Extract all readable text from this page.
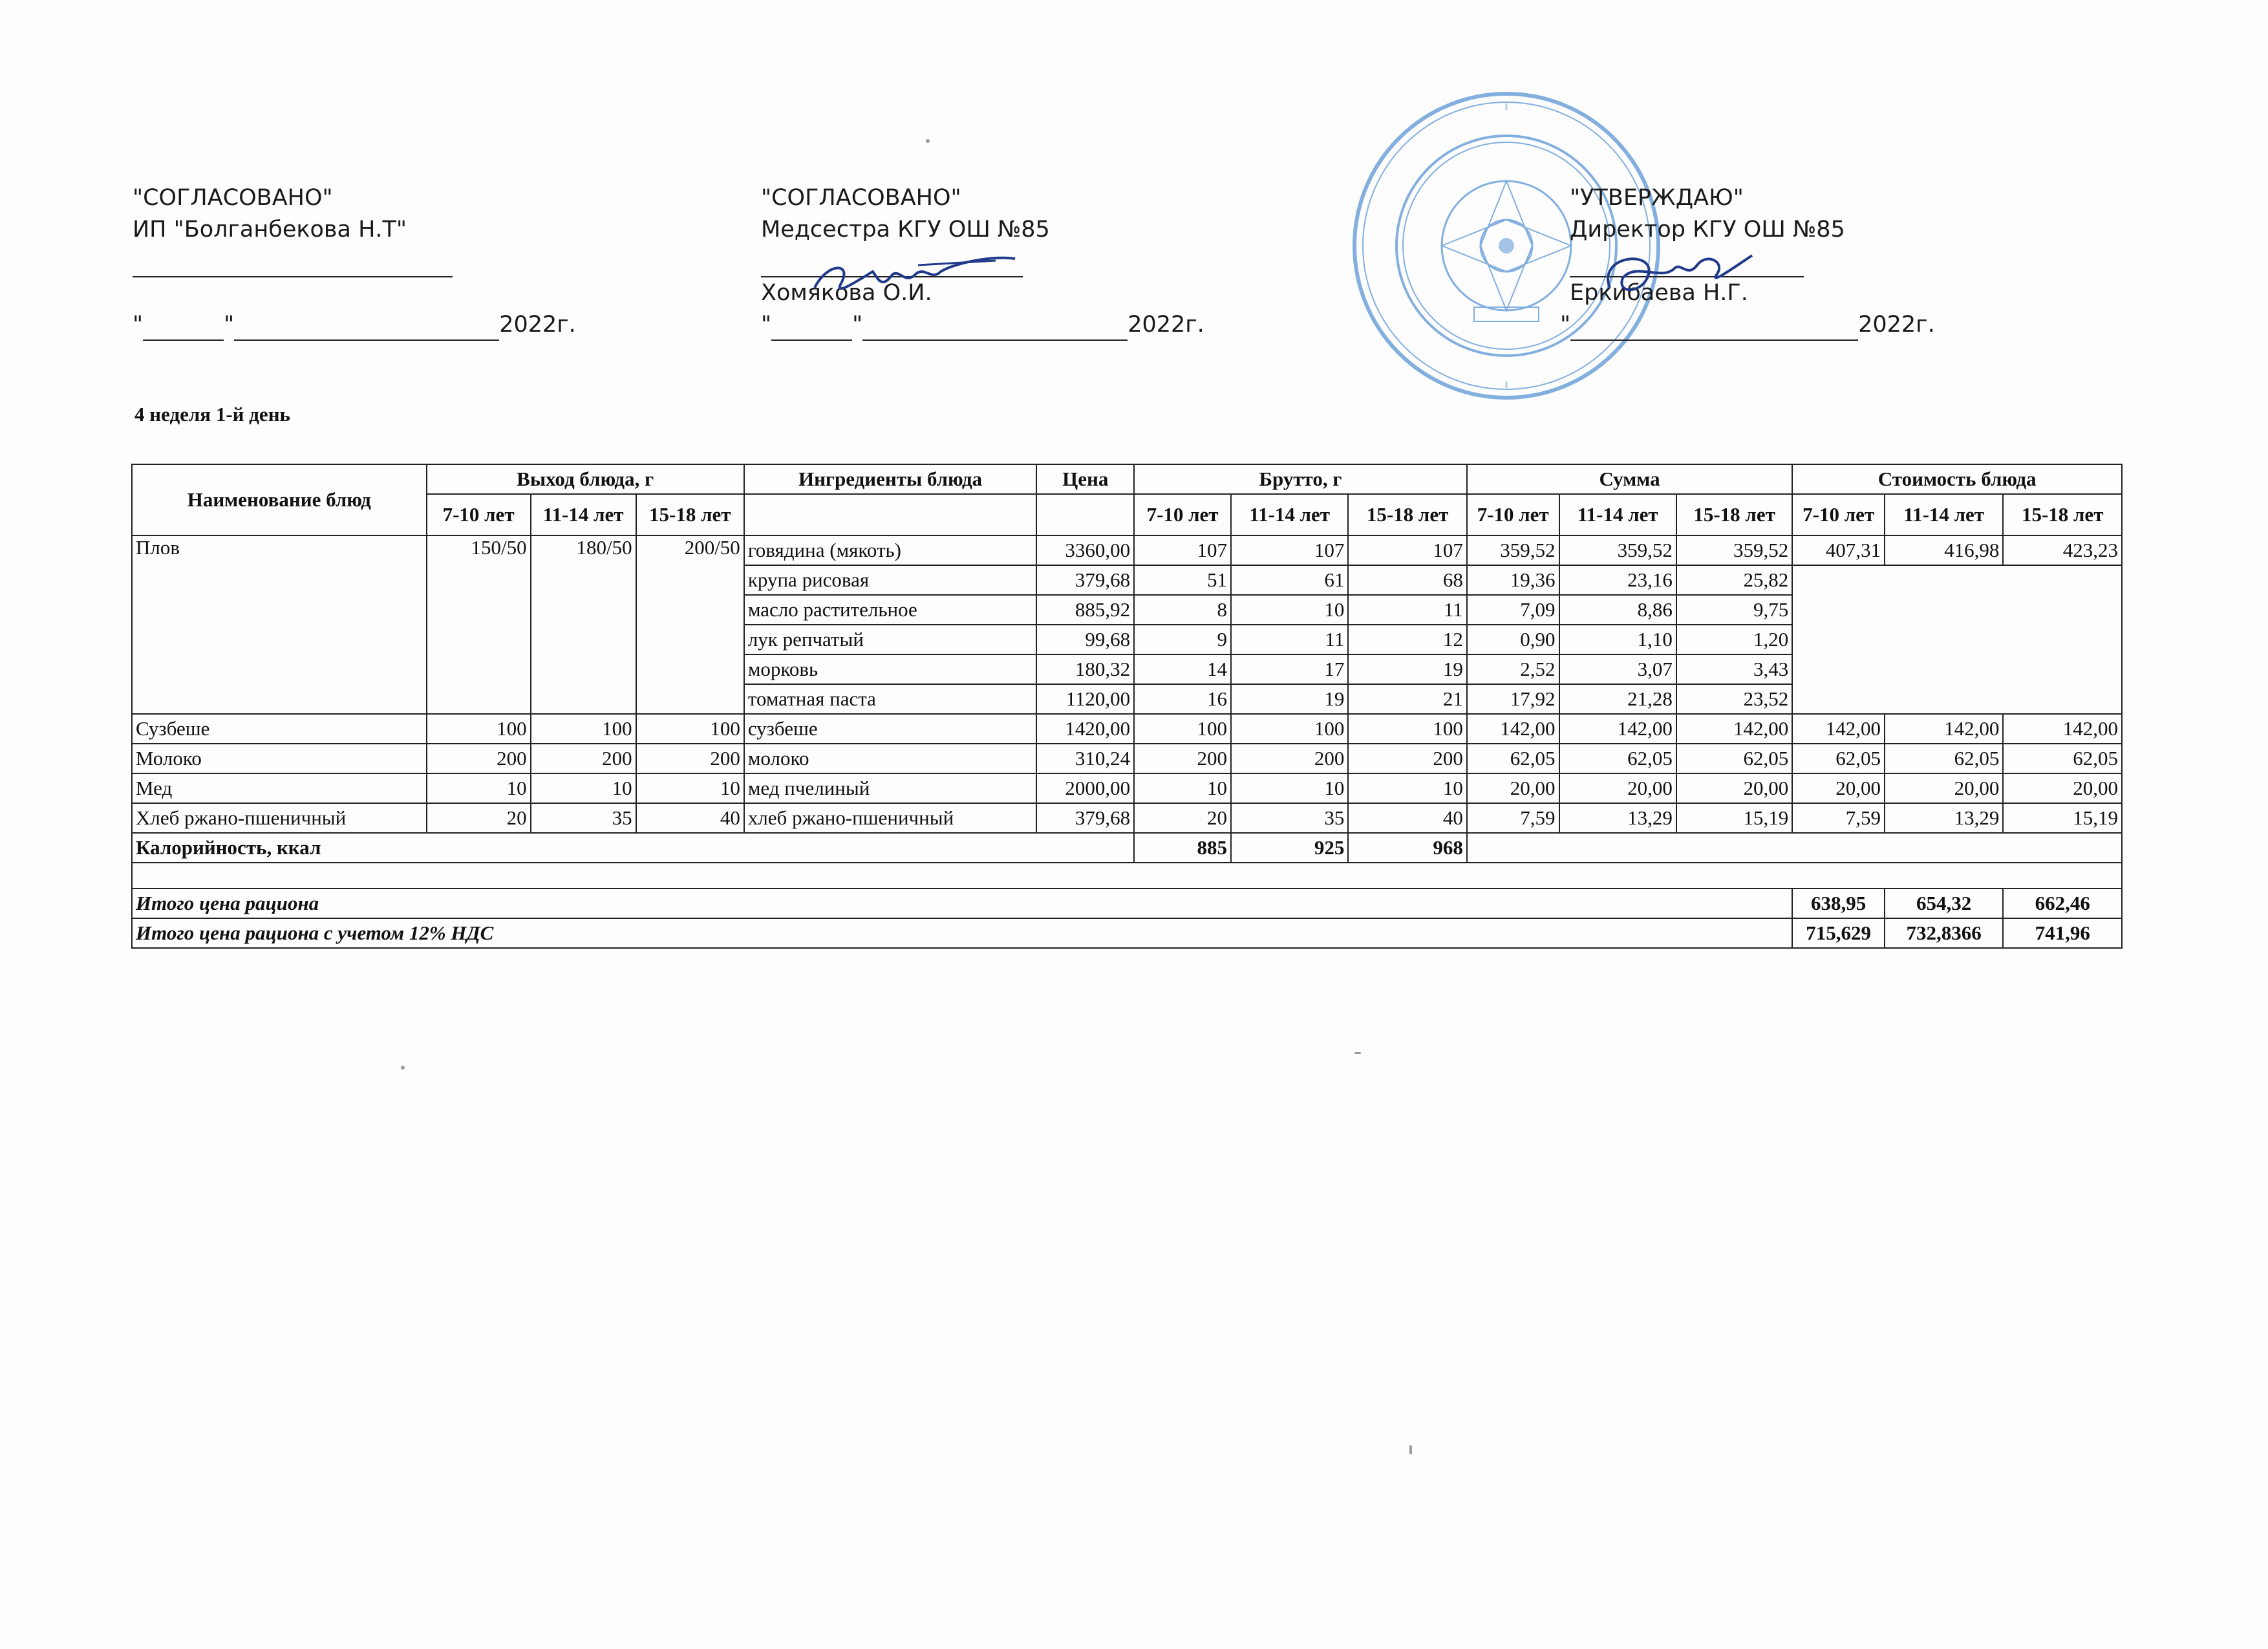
"СОГЛАСОВАНО"
ИП "Болганбекова Н.Т"
"	"	2022г.
"СОГЛАСОВАНО"
Медсестра КГУ ОШ №85
Хомякова О.И.
"	"	2022г.
"УТВЕРЖДАЮ"
Директор КГУ ОШ №85
Еркибаева Н.Г.
"	2022г.
4 неделя 1-й день
Наименование блюд	Выход блюда, г			Ингредиенты блюда	Цена	Брутто, г			Сумма			Стоимость блюда		
	7-10 лет	11-14 лет	15-18 лет			7-10 лет	11-14 лет	15-18 лет	7-10 лет	11-14 лет	15-18 лет	7-10 лет	11-14 лет	15-18 лет
Плов	150/50	180/50	200/50	говядина (мякоть)	3360,00	107	107	107	359,52	359,52	359,52	407,31	416,98	423,23
				крупа рисовая	379,68	51	61	68	19,36	23,16	25,82			
				масло растительное	885,92	8	10	11	7,09	8,86	9,75			
				лук репчатый	99,68	9	11	12	0,90	1,10	1,20			
				морковь	180,32	14	17	19	2,52	3,07	3,43			
				томатная паста	1120,00	16	19	21	17,92	21,28	23,52			
Сузбеше	100	100	100	сузбеше	1420,00	100	100	100	142,00	142,00	142,00	142,00	142,00	142,00
Молоко	200	200	200	молоко	310,24	200	200	200	62,05	62,05	62,05	62,05	62,05	62,05
Мед	10	10	10	мед пчелиный	2000,00	10	10	10	20,00	20,00	20,00	20,00	20,00	20,00
Хлеб ржано-пшеничный	20	35	40	хлеб ржано-пшеничный	379,68	20	35	40	7,59	13,29	15,19	7,59	13,29	15,19
Калорийность, ккал						885	925	968						

Итого цена рациона												638,95	654,32	662,46
Итого цена рациона с учетом 12% НДС												715,629	732,8366	741,96
